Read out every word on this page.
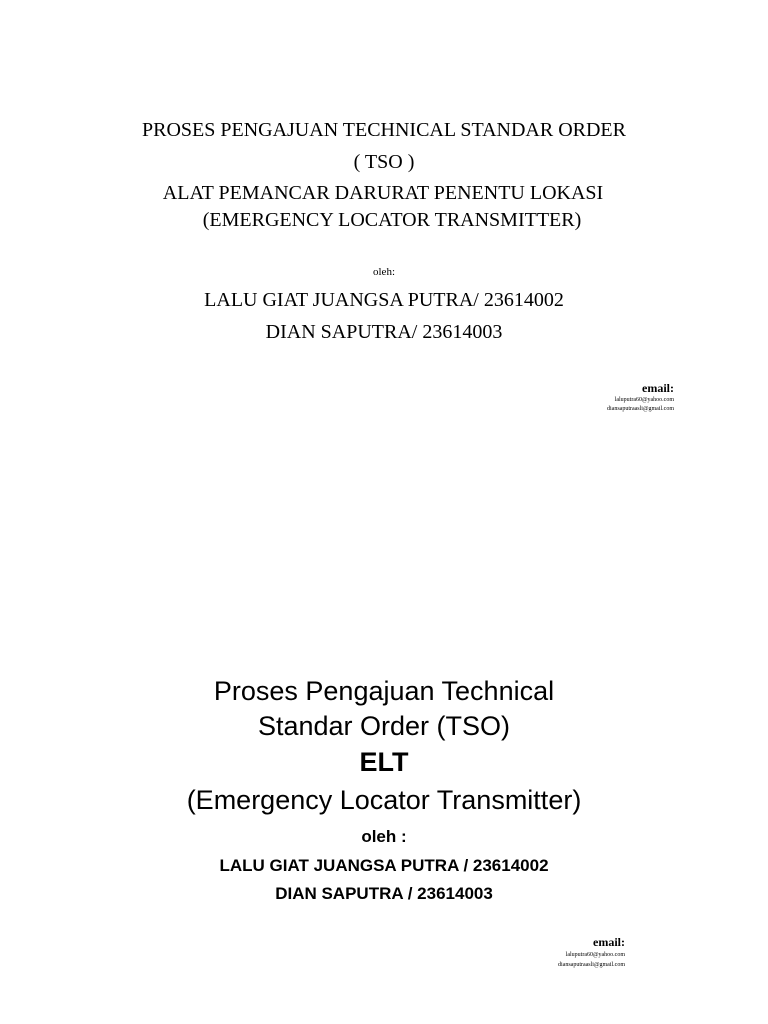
PROSES PENGAJUAN TECHNICAL STANDAR ORDER
( TSO )
ALAT PEMANCAR DARURAT PENENTU LOKASI
(EMERGENCY LOCATOR TRANSMITTER)
oleh:
LALU GIAT JUANGSA PUTRA/ 23614002
DIAN SAPUTRA/ 23614003
email:
laluputra60@yahoo.com
diansaputraasli@gmail.com
Proses Pengajuan Technical
Standar Order (TSO)
ELT
(Emergency Locator Transmitter)
oleh :
LALU GIAT JUANGSA PUTRA / 23614002
DIAN SAPUTRA / 23614003
email:
laluputra60@yahoo.com
diansaputraasli@gmail.com
